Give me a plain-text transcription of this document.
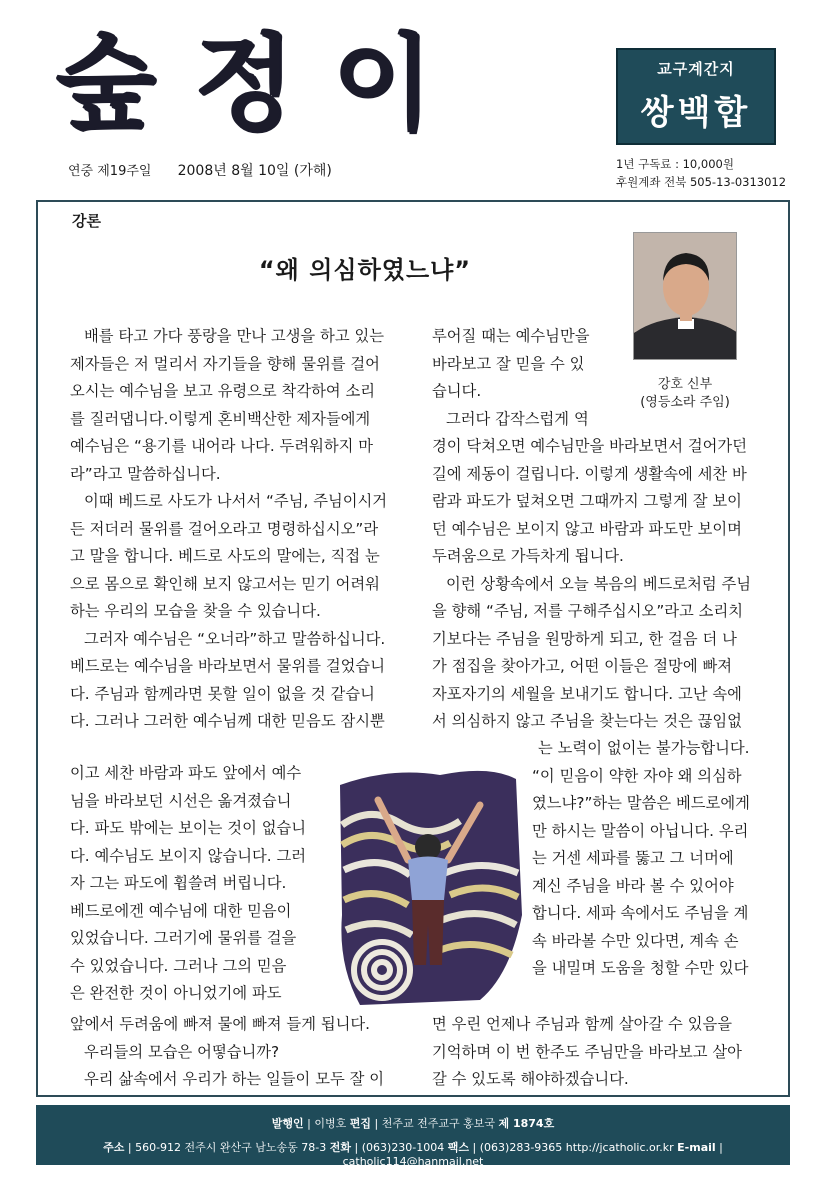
숲정이	교구계간지
쌍백합
연중 제19주일 2008년 8월 10일 (가해)	1년 구독료 : 10,000원
후원계좌 전북 505-13-0313012
강론
“왜 의심하였느냐”
강호 신부
(영등소라 주임)
배를 타고 가다 풍랑을 만나 고생을 하고 있는
제자들은 저 멀리서 자기들을 향해 물위를 걸어
오시는 예수님을 보고 유령으로 착각하여 소리
를 질러댑니다.이렇게 혼비백산한 제자들에게
예수님은 “용기를 내어라 나다. 두려워하지 마
라”라고 말씀하십니다.
이때 베드로 사도가 나서서 “주님, 주님이시거
든 저더러 물위를 걸어오라고 명령하십시오”라
고 말을 합니다. 베드로 사도의 말에는, 직접 눈
으로 몸으로 확인해 보지 않고서는 믿기 어려워
하는 우리의 모습을 찾을 수 있습니다.
그러자 예수님은 “오너라”하고 말씀하십니다.
베드로는 예수님을 바라보면서 물위를 걸었습니
다. 주님과 함께라면 못할 일이 없을 것 같습니
다. 그러나 그러한 예수님께 대한 믿음도 잠시뿐
이고 세찬 바람과 파도 앞에서 예수
님을 바라보던 시선은 옮겨졌습니
다. 파도 밖에는 보이는 것이 없습니
다. 예수님도 보이지 않습니다. 그러
자 그는 파도에 휩쓸려 버립니다.
베드로에겐 예수님에 대한 믿음이
있었습니다. 그러기에 물위를 걸을
수 있었습니다. 그러나 그의 믿음
은 완전한 것이 아니었기에 파도
앞에서 두려움에 빠져 물에 빠져 들게 됩니다.
우리들의 모습은 어떻습니까?
우리 삶속에서 우리가 하는 일들이 모두 잘 이
루어질 때는 예수님만을
바라보고 잘 믿을 수 있
습니다.
그러다 갑작스럽게 역
경이 닥쳐오면 예수님만을 바라보면서 걸어가던
길에 제동이 걸립니다. 이렇게 생활속에 세찬 바
람과 파도가 덮쳐오면 그때까지 그렇게 잘 보이
던 예수님은 보이지 않고 바람과 파도만 보이며
두려움으로 가득차게 됩니다.
이런 상황속에서 오늘 복음의 베드로처럼 주님
을 향해 “주님, 저를 구해주십시오”라고 소리치
기보다는 주님을 원망하게 되고, 한 걸음 더 나
가 점집을 찾아가고, 어떤 이들은 절망에 빠져
자포자기의 세월을 보내기도 합니다. 고난 속에
서 의심하지 않고 주님을 찾는다는 것은 끊임없
는 노력이 없이는 불가능합니다.
“이 믿음이 약한 자야 왜 의심하
였느냐?”하는 말씀은 베드로에게
만 하시는 말씀이 아닙니다. 우리
는 거센 세파를 뚫고 그 너머에
계신 주님을 바라 볼 수 있어야
합니다. 세파 속에서도 주님을 계
속 바라볼 수만 있다면, 계속 손
을 내밀며 도움을 청할 수만 있다
면 우린 언제나 주님과 함께 살아갈 수 있음을
기억하며 이 번 한주도 주님만을 바라보고 살아
갈 수 있도록 해야하겠습니다.
발행인 | 이병호 편집 | 천주교 전주교구 홍보국 제 1874호
주소 | 560-912 전주시 완산구 남노송동 78-3 전화 | (063)230-1004 팩스 | (063)283-9365 http://jcatholic.or.kr E-mail | catholic114@hanmail.net
